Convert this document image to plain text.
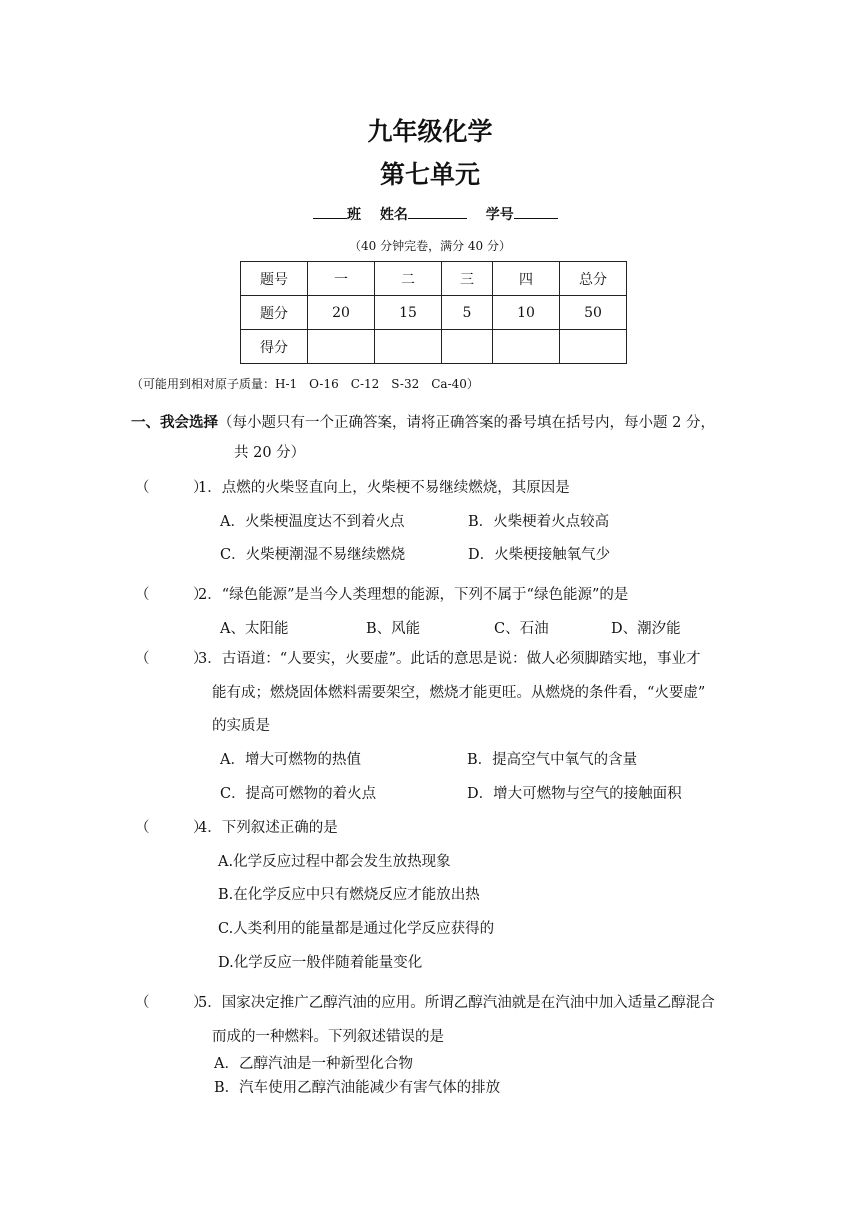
九年级化学
第七单元
班 姓名	学号
（40 分钟完卷，满分 40 分）
题号	一	二	三	四	总分
题分	20	15	5	10	50
得分					
（可能用到相对原子质量：H-1　O-16　C-12　S-32　Ca-40）
一、我会选择（每小题只有一个正确答案，请将正确答案的番号填在括号内，每小题 2 分，
共 20 分）
（　　　）
1．点燃的火柴竖直向上，火柴梗不易继续燃烧，其原因是
A．火柴梗温度达不到着火点	B．火柴梗着火点较高
C．火柴梗潮湿不易继续燃烧	D．火柴梗接触氧气少
（　　　）
2．“绿色能源”是当今人类理想的能源，下列不属于“绿色能源”的是
A、太阳能	B、风能	C、石油	D、潮汐能
（　　　）
3．古语道：“人要实，火要虚”。此话的意思是说：做人必须脚踏实地，事业才
能有成；燃烧固体燃料需要架空，燃烧才能更旺。从燃烧的条件看，“火要虚”
的实质是
A．增大可燃物的热值	B．提高空气中氧气的含量
C．提高可燃物的着火点	D．增大可燃物与空气的接触面积
（　　　）
4．下列叙述正确的是
A.化学反应过程中都会发生放热现象
B.在化学反应中只有燃烧反应才能放出热
C.人类利用的能量都是通过化学反应获得的
D.化学反应一般伴随着能量变化
（　　　）
5．国家决定推广乙醇汽油的应用。所谓乙醇汽油就是在汽油中加入适量乙醇混合
而成的一种燃料。下列叙述错误的是
A．乙醇汽油是一种新型化合物
B．汽车使用乙醇汽油能减少有害气体的排放
